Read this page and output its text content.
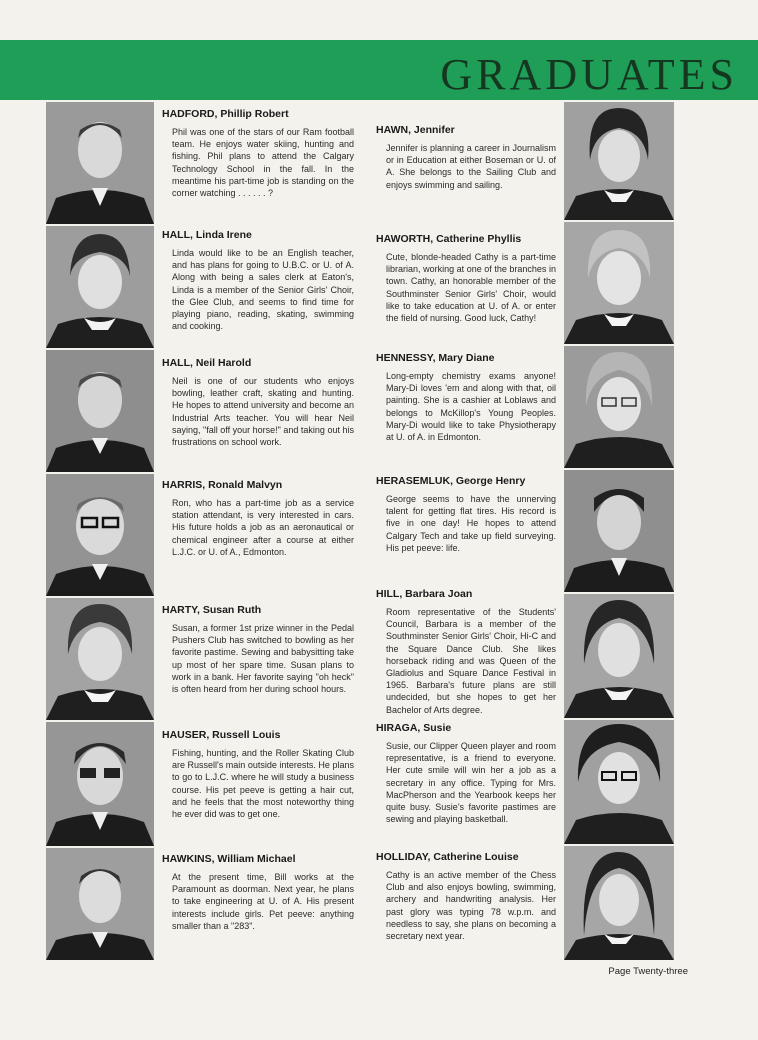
GRADUATES

HADFORD, Phillip Robert

Phil was one of the stars of our Ram football team. He enjoys water skiing, hunting and fishing. Phil plans to attend the Calgary Technology School in the fall. In the meantime his part-time job is standing on the corner watching . . . . . . ?

HALL, Linda Irene

Linda would like to be an English teacher, and has plans for going to U.B.C. or U. of A. Along with being a sales clerk at Eaton's, Linda is a member of the Senior Girls' Choir, the Glee Club, and seems to find time for playing piano, reading, skating, swimming and cooking.

HALL, Neil Harold

Neil is one of our students who enjoys bowling, leather craft, skating and hunting. He hopes to attend university and become an Industrial Arts teacher. You will hear Neil saying, "fall off your horse!" and taking out his frustrations on school work.

HARRIS, Ronald Malvyn

Ron, who has a part-time job as a service station attendant, is very interested in cars. His future holds a job as an aeronautical or chemical engineer after a course at either L.J.C. or U. of A., Edmonton.

HARTY, Susan Ruth

Susan, a former 1st prize winner in the Pedal Pushers Club has switched to bowling as her favorite pastime. Sewing and babysitting take up most of her spare time. Susan plans to work in a bank. Her favorite saying "oh heck" is often heard from her during school hours.

HAUSER, Russell Louis

Fishing, hunting, and the Roller Skating Club are Russell's main outside interests. He plans to go to L.J.C. where he will study a business course. His pet peeve is getting a hair cut, and he feels that the most noteworthy thing he ever did was to get one.

HAWKINS, William Michael

At the present time, Bill works at the Paramount as doorman. Next year, he plans to take engineering at U. of A. His present interests include girls. Pet peeve: anything smaller than a "283".

HAWN, Jennifer

Jennifer is planning a career in Journalism or in Education at either Boseman or U. of A. She belongs to the Sailing Club and enjoys swimming and sailing.

HAWORTH, Catherine Phyllis

Cute, blonde-headed Cathy is a part-time librarian, working at one of the branches in town. Cathy, an honorable member of the Southminster Senior Girls' Choir, would like to take education at U. of A. or enter the field of nursing. Good luck, Cathy!

HENNESSY, Mary Diane

Long-empty chemistry exams anyone! Mary-Di loves 'em and along with that, oil painting. She is a cashier at Loblaws and belongs to McKillop's Young Peoples. Mary-Di would like to take Physiotherapy at U. of A. in Edmonton.

HERASEMLUK, George Henry

George seems to have the unnerving talent for getting flat tires. His record is five in one day! He hopes to attend Calgary Tech and take up field surveying. His pet peeve: life.

HILL, Barbara Joan

Room representative of the Students' Council, Barbara is a member of the Southminster Senior Girls' Choir, Hi-C and the Square Dance Club. She likes horseback riding and was Queen of the Gladiolus and Square Dance Festival in 1965. Barbara's future plans are still undecided, but she hopes to get her Bachelor of Arts degree.

HIRAGA, Susie

Susie, our Clipper Queen player and room representative, is a friend to everyone. Her cute smile will win her a job as a secretary in any office. Typing for Mrs. MacPherson and the Yearbook keeps her quite busy. Susie's favorite pastimes are sewing and playing basketball.

HOLLIDAY, Catherine Louise

Cathy is an active member of the Chess Club and also enjoys bowling, swimming, archery and handwriting analysis. Her past glory was typing 78 w.p.m. and needless to say, she plans on becoming a secretary next year.

Page Twenty-three
